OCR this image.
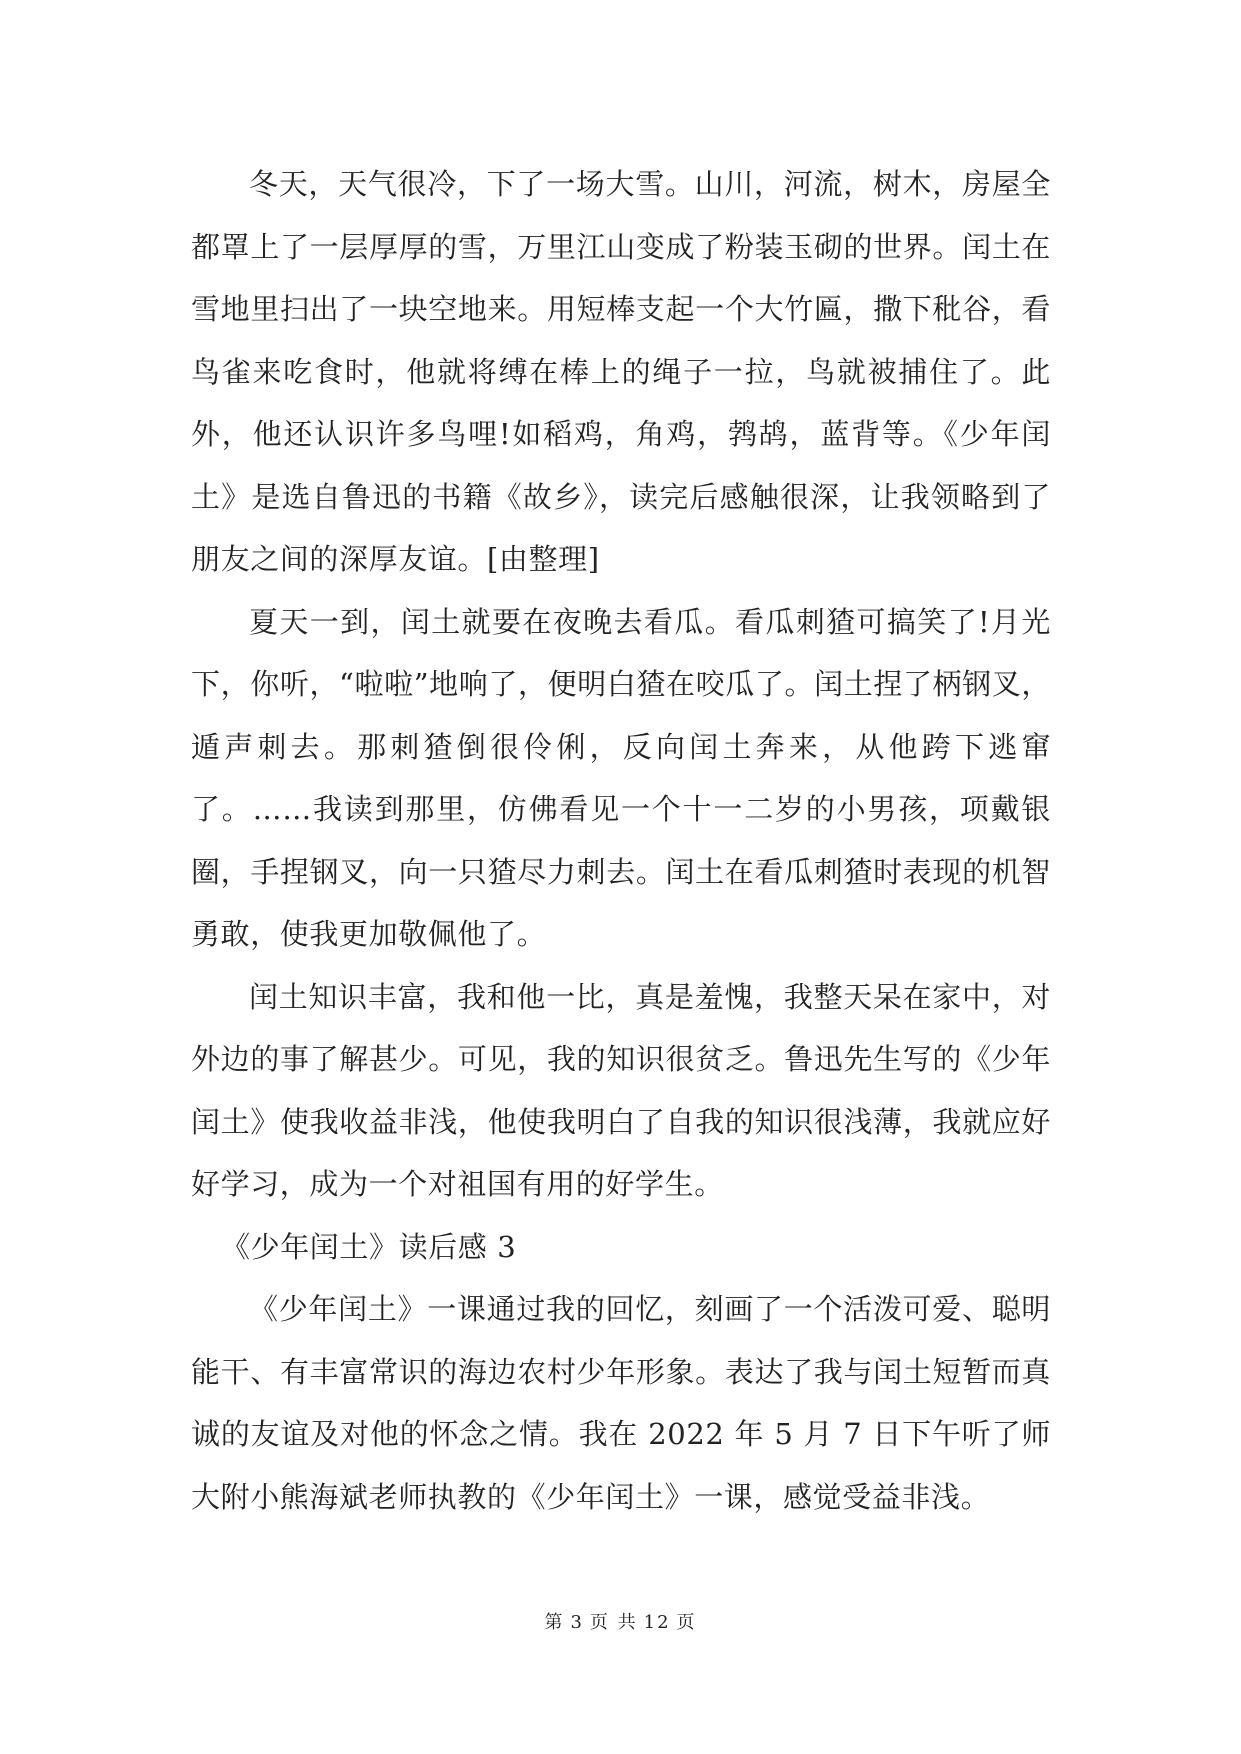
冬天，天气很冷，下了一场大雪。山川，河流，树木，房屋全都罩上了一层厚厚的雪，万里江山变成了粉装玉砌的世界。闰土在雪地里扫出了一块空地来。用短棒支起一个大竹匾，撒下秕谷，看鸟雀来吃食时，他就将缚在棒上的绳子一拉，鸟就被捕住了。此外，他还认识许多鸟哩!如稻鸡，角鸡，鹁鸪，蓝背等。《少年闰土》是选自鲁迅的书籍《故乡》，读完后感触很深，让我领略到了朋友之间的深厚友谊。[由整理]

夏天一到，闰土就要在夜晚去看瓜。看瓜刺猹可搞笑了!月光下，你听，“啦啦”地响了，便明白猹在咬瓜了。闰土捏了柄钢叉，遁声刺去。那刺猹倒很伶俐，反向闰土奔来，从他跨下逃窜了。……我读到那里，仿佛看见一个十一二岁的小男孩，项戴银圈，手捏钢叉，向一只猹尽力刺去。闰土在看瓜刺猹时表现的机智勇敢，使我更加敬佩他了。

闰土知识丰富，我和他一比，真是羞愧，我整天呆在家中，对外边的事了解甚少。可见，我的知识很贫乏。鲁迅先生写的《少年闰土》使我收益非浅，他使我明白了自我的知识很浅薄，我就应好好学习，成为一个对祖国有用的好学生。

《少年闰土》读后感 3

《少年闰土》一课通过我的回忆，刻画了一个活泼可爱、聪明能干、有丰富常识的海边农村少年形象。表达了我与闰土短暂而真诚的友谊及对他的怀念之情。我在 2022 年 5 月 7 日下午听了师大附小熊海斌老师执教的《少年闰土》一课，感觉受益非浅。

第 3 页 共 12 页
